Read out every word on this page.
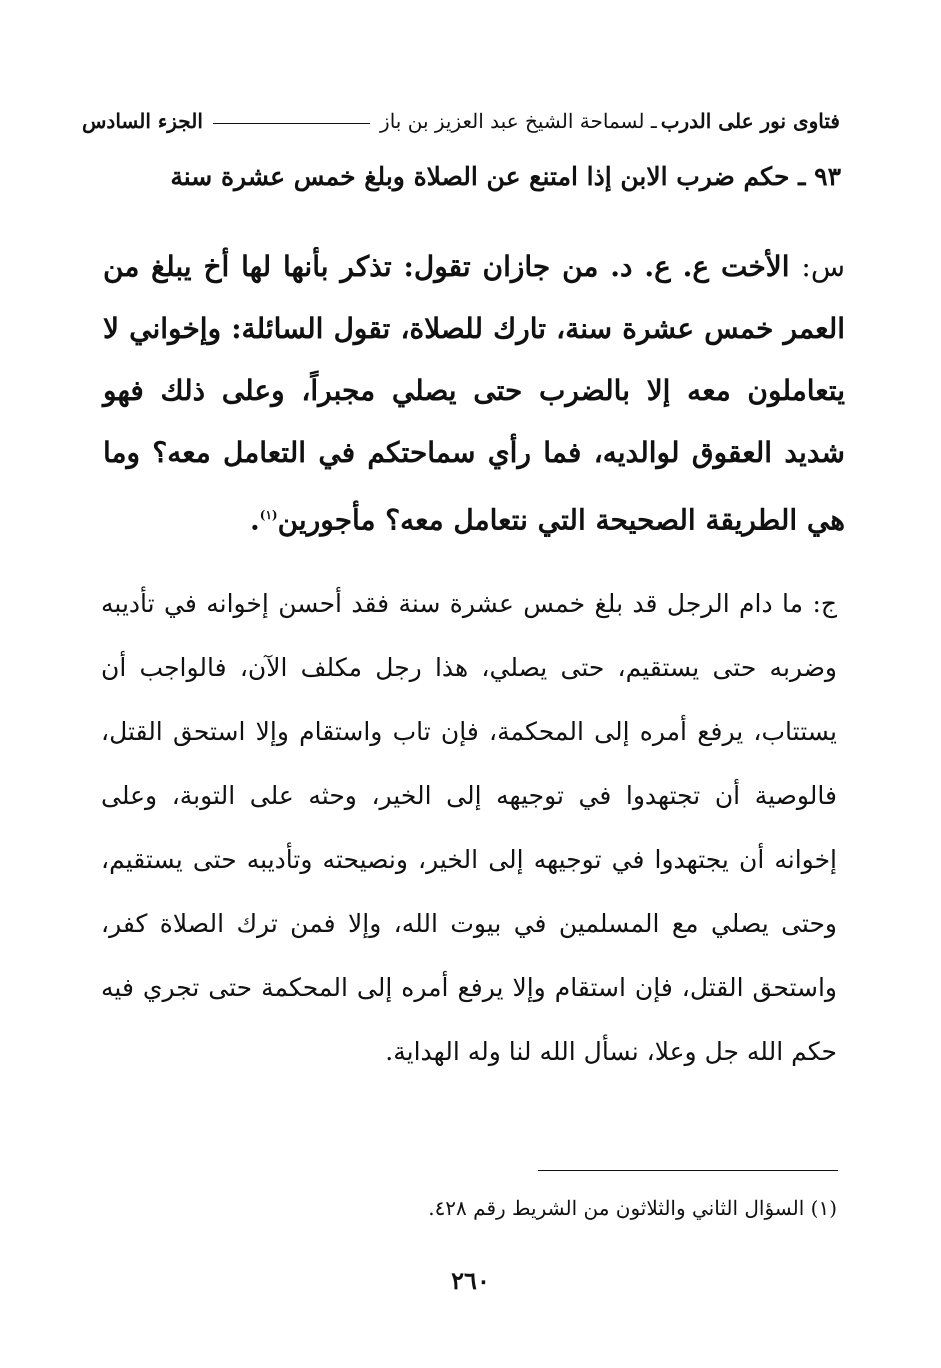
فتاوى نور على الدرب
ـ لسماحة الشيخ عبد العزيز بن باز
الجزء السادس
٩٣ ـ حكم ضرب الابن إذا امتنع عن الصلاة وبلغ خمس عشرة سنة
س: الأخت ع. ع. د. من جازان تقول: تذكر بأنها لها أخ يبلغ من العمر خمس عشرة سنة، تارك للصلاة، تقول السائلة: وإخواني لا يتعاملون معه إلا بالضرب حتى يصلي مجبراً، وعلى ذلك فهو شديد العقوق لوالديه، فما رأي سماحتكم في التعامل معه؟ وما هي الطريقة الصحيحة التي نتعامل معه؟ مأجورين$^{(١)}$.
ج: ما دام الرجل قد بلغ خمس عشرة سنة فقد أحسن إخوانه في تأديبه وضربه حتى يستقيم، حتى يصلي، هذا رجل مكلف الآن، فالواجب أن يستتاب، يرفع أمره إلى المحكمة، فإن تاب واستقام وإلا استحق القتل، فالوصية أن تجتهدوا في توجيهه إلى الخير، وحثه على التوبة، وعلى إخوانه أن يجتهدوا في توجيهه إلى الخير، ونصيحته وتأديبه حتى يستقيم، وحتى يصلي مع المسلمين في بيوت الله، وإلا فمن ترك الصلاة كفر، واستحق القتل، فإن استقام وإلا يرفع أمره إلى المحكمة حتى تجري فيه حكم الله جل وعلا، نسأل الله لنا وله الهداية.
(١) السؤال الثاني والثلاثون من الشريط رقم ٤٢٨.
٢٦٠
